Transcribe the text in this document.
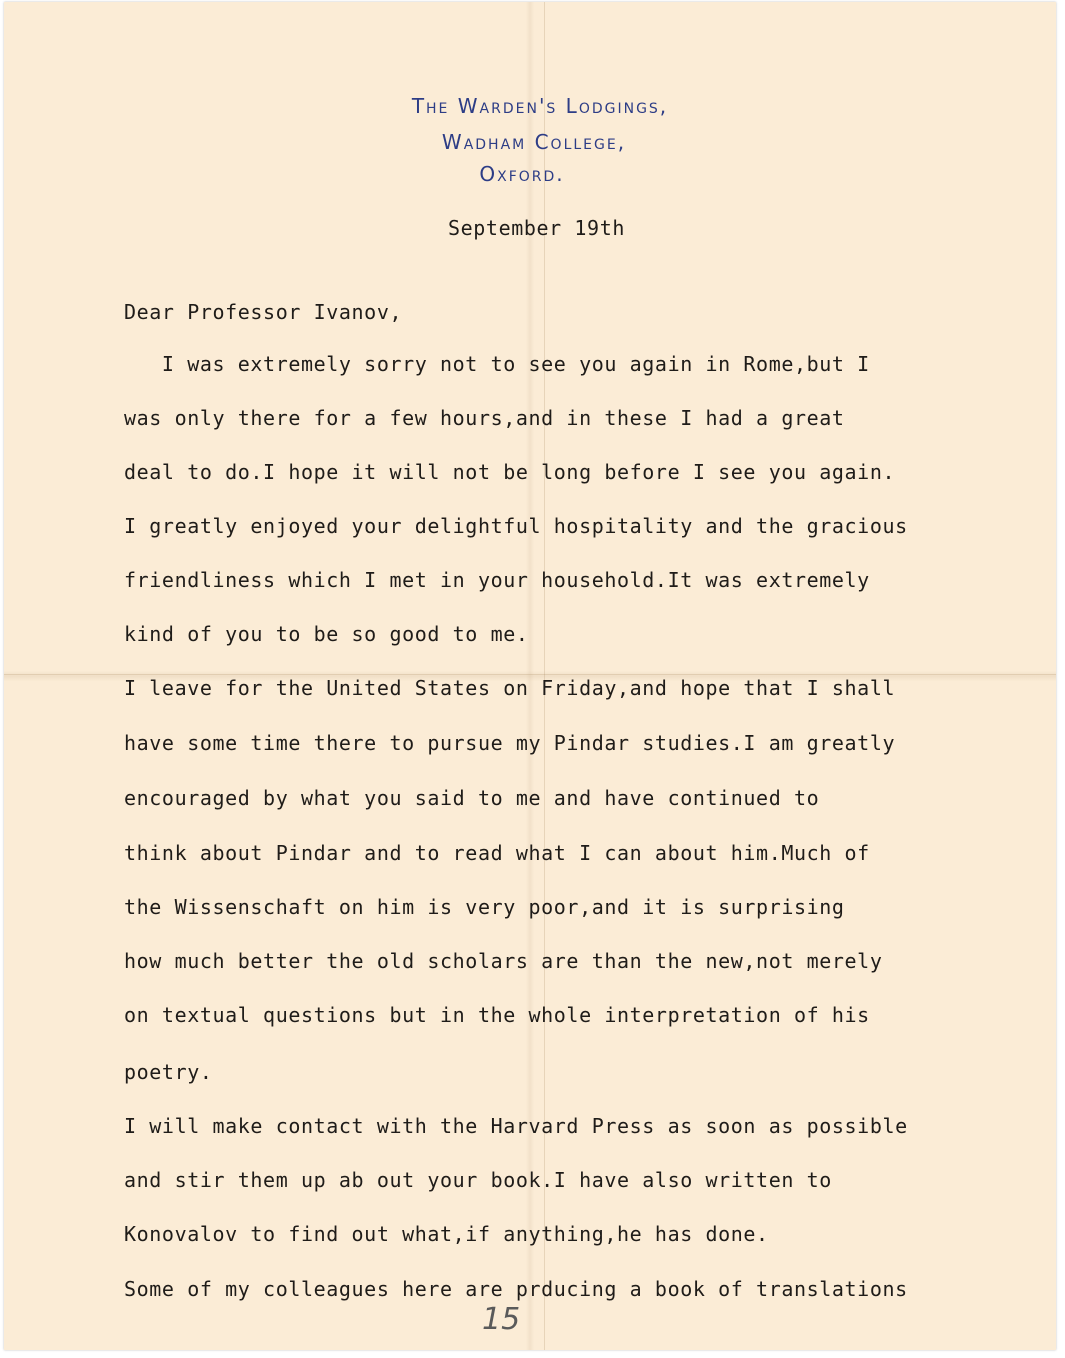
The Warden's Lodgings,
Wadham College,
Oxford.
September 19th
Dear Professor Ivanov,
I was extremely sorry not to see you again in Rome,but I
was only there for a few hours,and in these I had a great
deal to do.I hope it will not be long before I see you again.
I greatly enjoyed your delightful hospitality and the gracious
friendliness which I met in your household.It was extremely
kind of you to be so good to me.
I leave for the United States on Friday,and hope that I shall
have some time there to pursue my Pindar studies.I am greatly
encouraged by what you said to me and have continued to
think about Pindar and to read what I can about him.Much of
the Wissenschaft on him is very poor,and it is surprising
how much better the old scholars are than the new,not merely
on textual questions but in the whole interpretation of his
poetry.
I will make contact with the Harvard Press as soon as possible
and stir them up ab out your book.I have also written to
Konovalov to find out what,if anything,he has done.
Some of my colleagues here are prducing a book of translations
15
